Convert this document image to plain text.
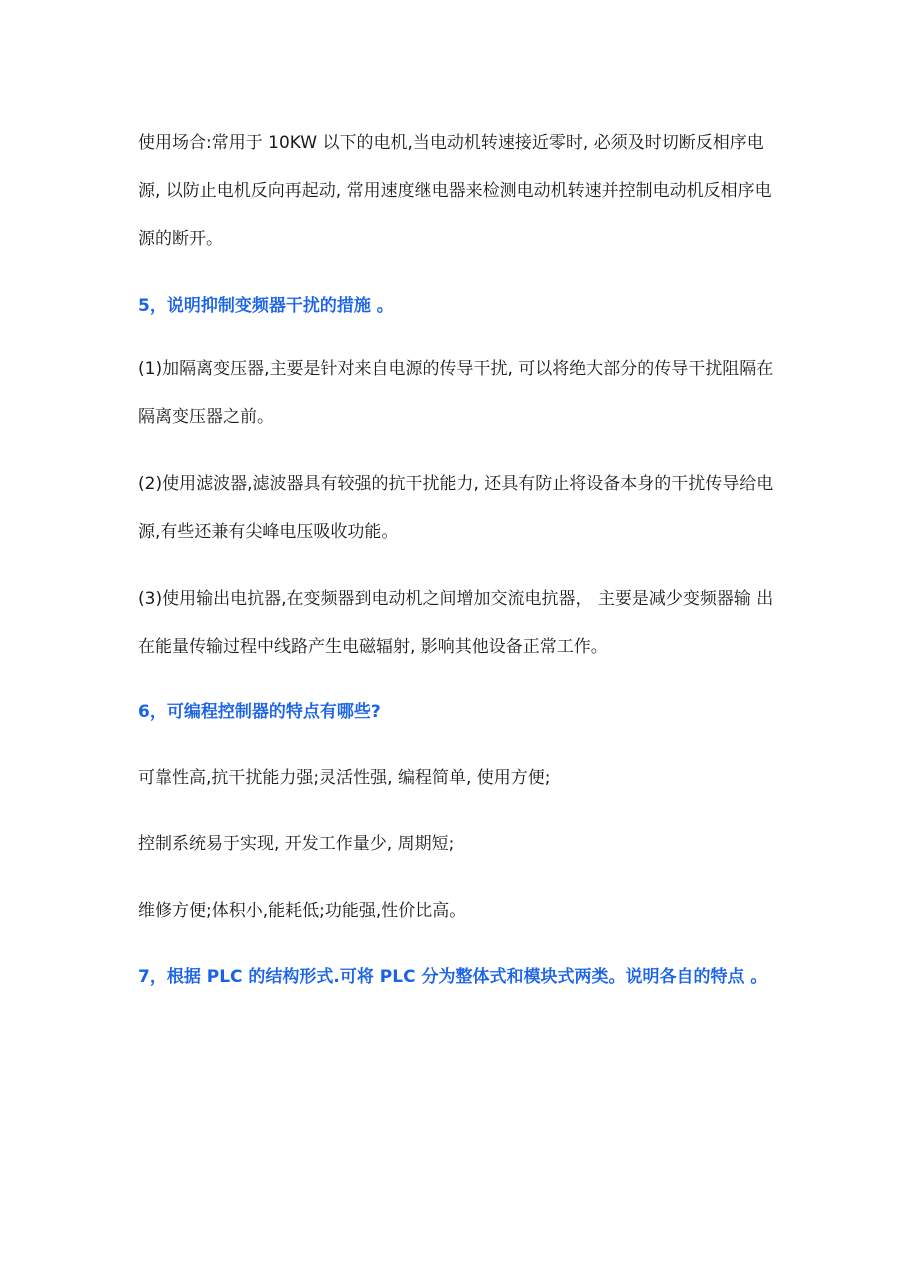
使用场合:常用于 10KW 以下的电机,当电动机转速接近零时, 必须及时切断反相序电 源, 以防止电机反向再起动, 常用速度继电器来检测电动机转速并控制电动机反相序电源的断开。

5，说明抑制变频器干扰的措施 。

(1)加隔离变压器,主要是针对来自电源的传导干扰, 可以将绝大部分的传导干扰阻隔在隔离变压器之前。

(2)使用滤波器,滤波器具有较强的抗干扰能力, 还具有防止将设备本身的干扰传导给电源,有些还兼有尖峰电压吸收功能。

(3)使用输出电抗器,在变频器到电动机之间增加交流电抗器， 主要是减少变频器输 出在能量传输过程中线路产生电磁辐射, 影响其他设备正常工作。

6，可编程控制器的特点有哪些?

可靠性高,抗干扰能力强;灵活性强, 编程简单, 使用方便;

控制系统易于实现, 开发工作量少, 周期短;

维修方便;体积小,能耗低;功能强,性价比高。

7，根据 PLC 的结构形式.可将 PLC 分为整体式和模块式两类。说明各自的特点 。
